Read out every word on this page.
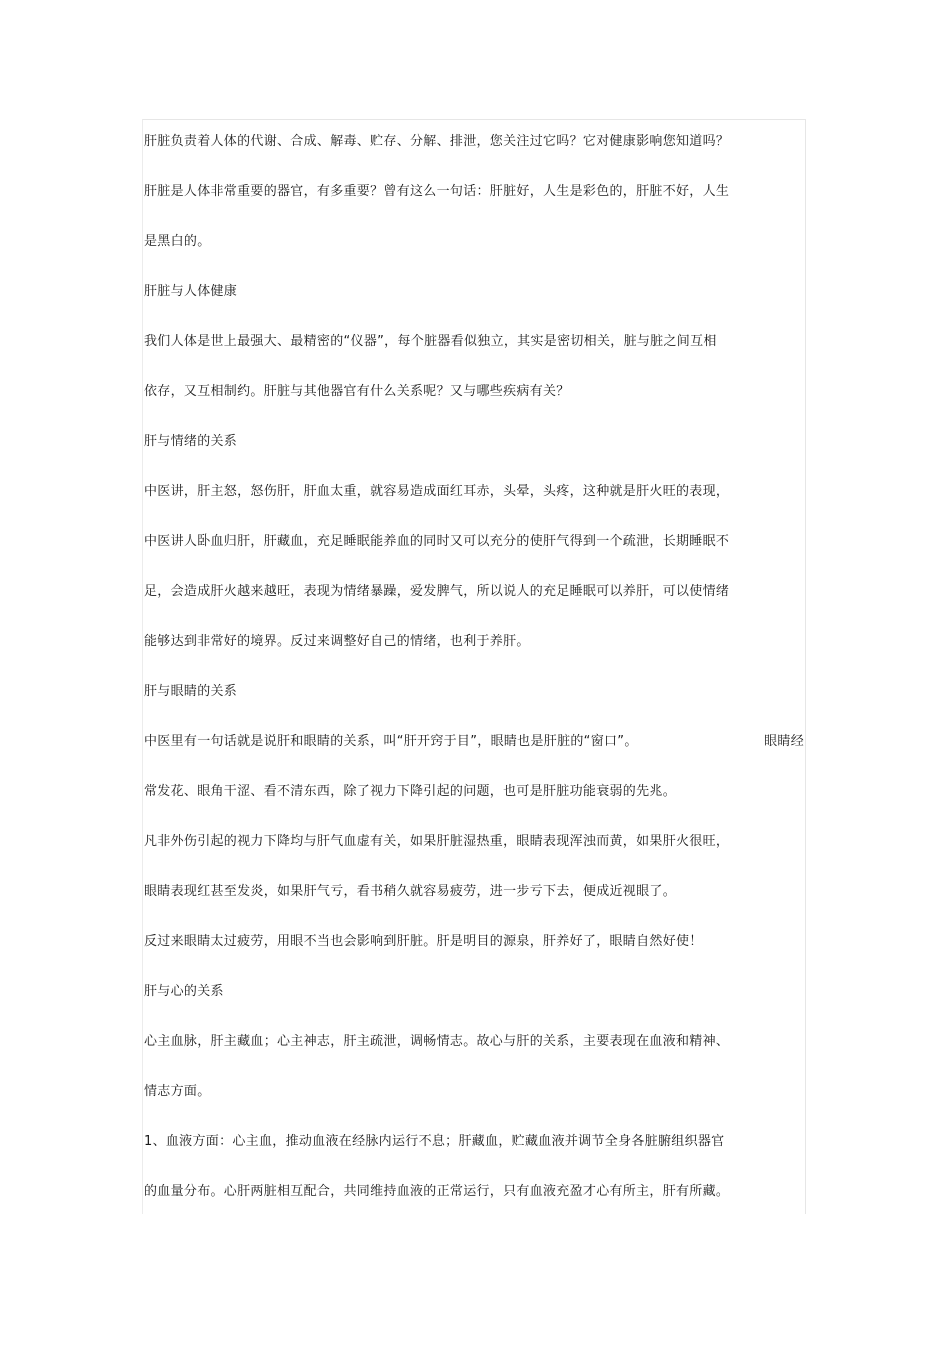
肝脏负责着人体的代谢、合成、解毒、贮存、分解、排泄，您关注过它吗？它对健康影响您知道吗？
肝脏是人体非常重要的器官，有多重要？曾有这么一句话：肝脏好，人生是彩色的，肝脏不好，人生
是黑白的。
肝脏与人体健康
我们人体是世上最强大、最精密的“仪器”，每个脏器看似独立，其实是密切相关，脏与脏之间互相
依存，又互相制约。肝脏与其他器官有什么关系呢？又与哪些疾病有关？
肝与情绪的关系
中医讲，肝主怒，怒伤肝，肝血太重，就容易造成面红耳赤，头晕，头疼，这种就是肝火旺的表现，
中医讲人卧血归肝，肝藏血，充足睡眠能养血的同时又可以充分的使肝气得到一个疏泄，长期睡眠不
足，会造成肝火越来越旺，表现为情绪暴躁，爱发脾气，所以说人的充足睡眠可以养肝，可以使情绪
能够达到非常好的境界。反过来调整好自己的情绪，也利于养肝。
肝与眼睛的关系
中医里有一句话就是说肝和眼睛的关系，叫“肝开窍于目”，眼睛也是肝脏的“窗口”。	眼睛经
常发花、眼角干涩、看不清东西，除了视力下降引起的问题，也可是肝脏功能衰弱的先兆。
凡非外伤引起的视力下降均与肝气血虚有关，如果肝脏湿热重，眼睛表现浑浊而黄，如果肝火很旺，
眼睛表现红甚至发炎，如果肝气亏，看书稍久就容易疲劳，进一步亏下去，便成近视眼了。
反过来眼睛太过疲劳，用眼不当也会影响到肝脏。肝是明目的源泉，肝养好了，眼睛自然好使！
肝与心的关系
心主血脉，肝主藏血；心主神志，肝主疏泄，调畅情志。故心与肝的关系，主要表现在血液和精神、
情志方面。
1、血液方面：心主血，推动血液在经脉内运行不息；肝藏血，贮藏血液并调节全身各脏腑组织器官
的血量分布。心肝两脏相互配合，共同维持血液的正常运行，只有血液充盈才心有所主，肝有所藏。
